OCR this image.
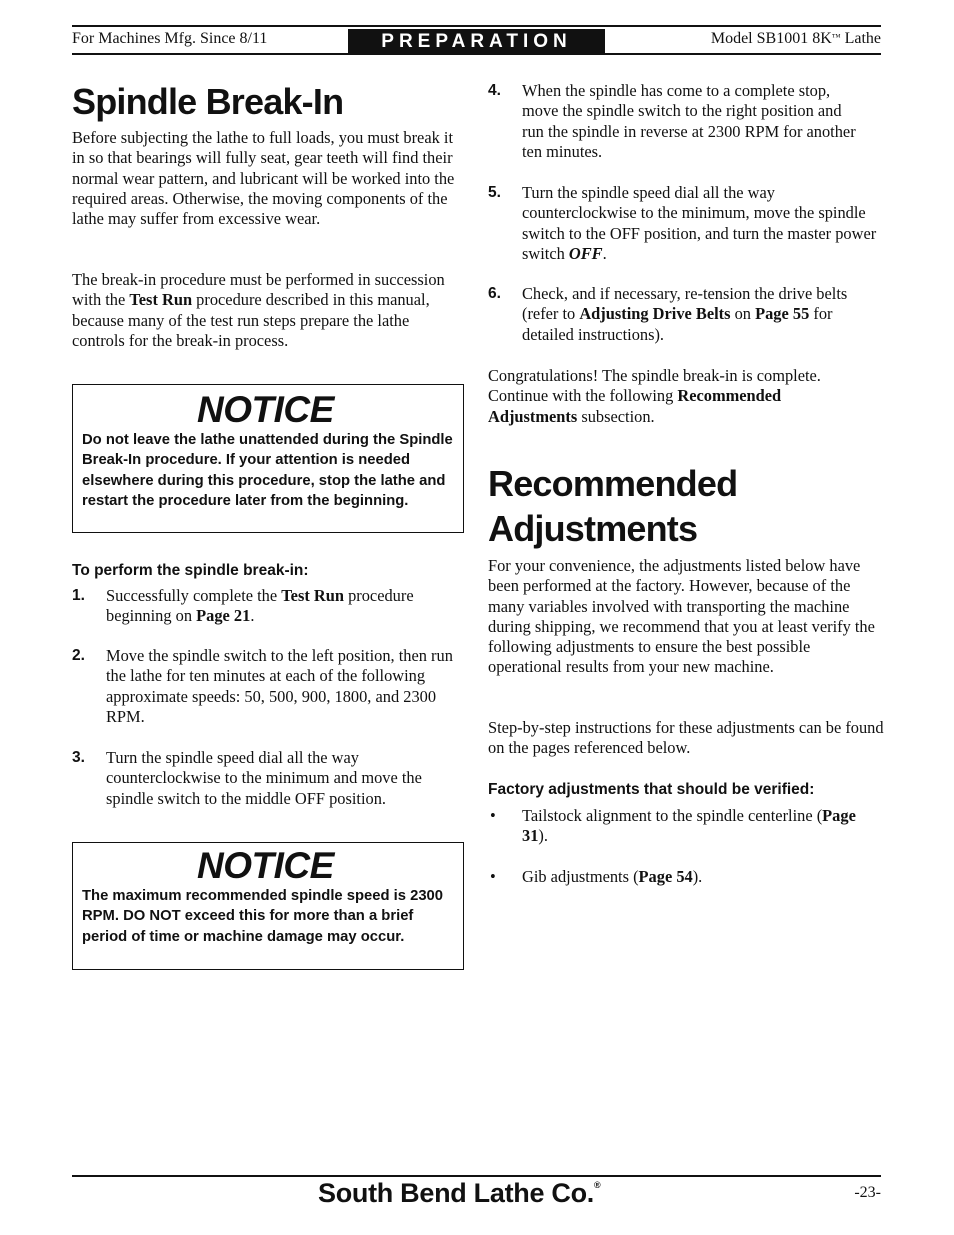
For Machines Mfg. Since 8/11	PREPARATION	Model SB1001 8K™ Lathe
Spindle Break-In

Before subjecting the lathe to full loads, you must break it in so that bearings will fully seat, gear teeth will find their normal wear pattern, and lubricant will be worked into the required areas. Otherwise, the moving components of the lathe may suffer from excessive wear.

The break-in procedure must be performed in succession with the Test Run procedure described in this manual, because many of the test run steps prepare the lathe controls for the break-in process.

NOTICE
Do not leave the lathe unattended during the Spindle Break-In procedure. If your attention is needed elsewhere during this procedure, stop the lathe and restart the procedure later from the beginning.
To perform the spindle break-in:
1. Successfully complete the Test Run procedure beginning on Page 21.
2. Move the spindle switch to the left position, then run the lathe for ten minutes at each of the following approximate speeds: 50, 500, 900, 1800, and 2300 RPM.
3. Turn the spindle speed dial all the way counterclockwise to the minimum and move the spindle switch to the middle OFF position.
NOTICE
The maximum recommended spindle speed is 2300 RPM. DO NOT exceed this for more than a brief period of time or machine damage may occur.
4. When the spindle has come to a complete stop, move the spindle switch to the right position and run the spindle in reverse at 2300 RPM for another ten minutes.
5. Turn the spindle speed dial all the way counterclockwise to the minimum, move the spindle switch to the OFF position, and turn the master power switch OFF.
6. Check, and if necessary, re-tension the drive belts (refer to Adjusting Drive Belts on Page 55 for detailed instructions).

Congratulations! The spindle break-in is complete. Continue with the following Recommended Adjustments subsection.

Recommended
Adjustments

For your convenience, the adjustments listed below have been performed at the factory. However, because of the many variables involved with transporting the machine during shipping, we recommend that you at least verify the following adjustments to ensure the best possible operational results from your new machine.

Step-by-step instructions for these adjustments can be found on the pages referenced below.

Factory adjustments that should be verified:
• Tailstock alignment to the spindle centerline (Page 31).
• Gib adjustments (Page 54).
South Bend Lathe Co.®	-23-
